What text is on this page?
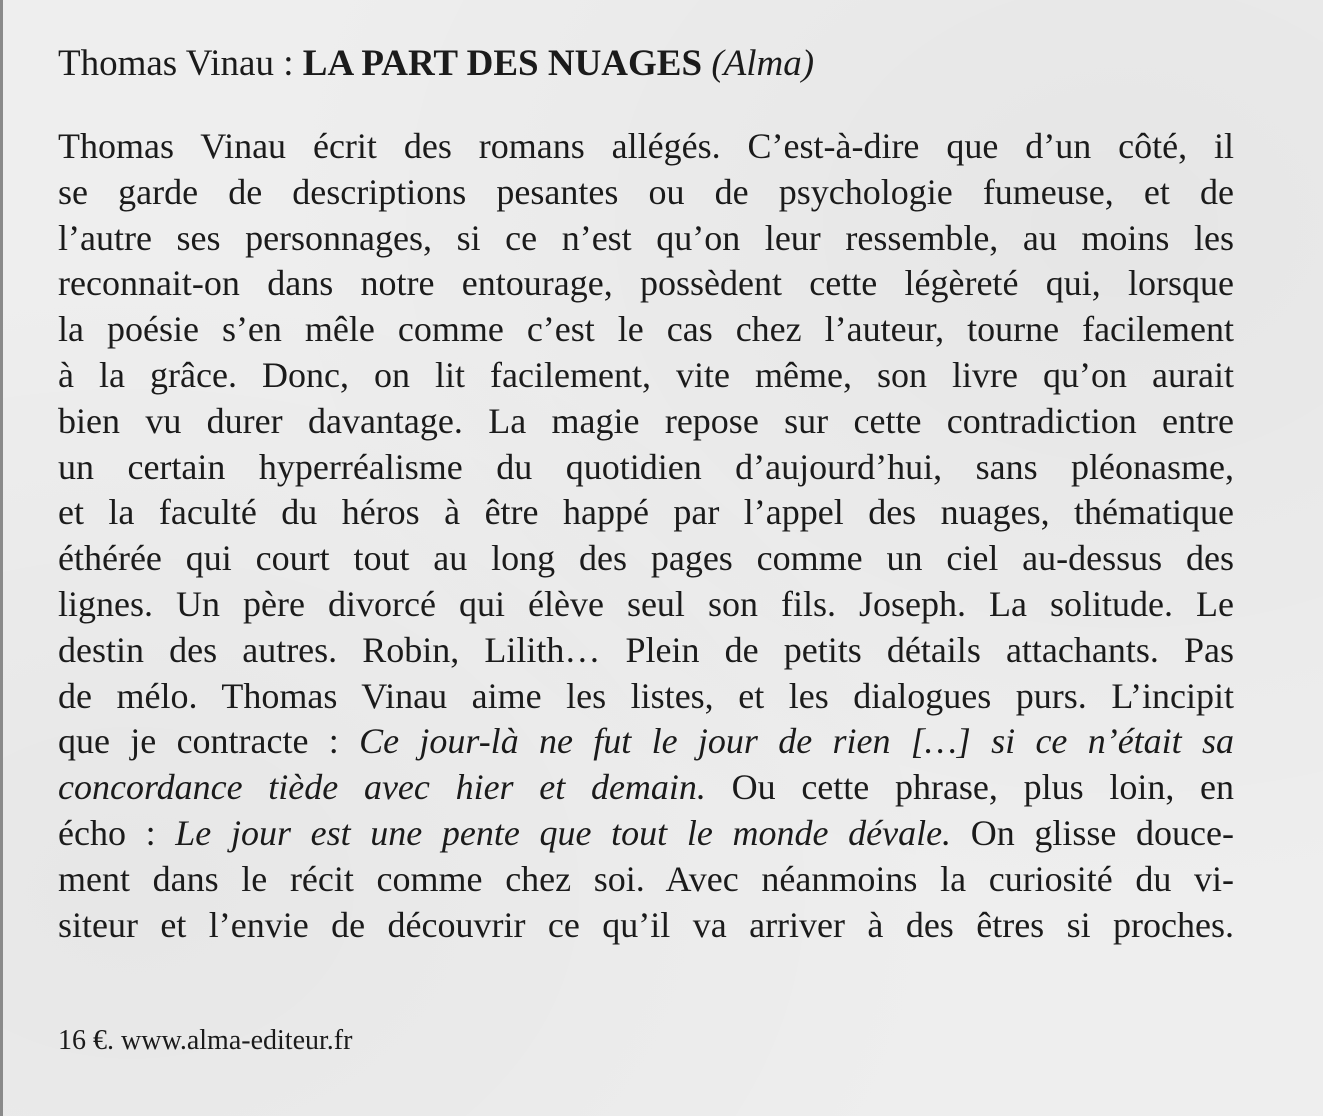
Thomas Vinau : LA PART DES NUAGES (Alma)
Thomas Vinau écrit des romans allégés. C’est-à-dire que d’un côté, il
se garde de descriptions pesantes ou de psychologie fumeuse, et de
l’autre ses personnages, si ce n’est qu’on leur ressemble, au moins les
reconnait-on dans notre entourage, possèdent cette légèreté qui, lorsque
la poésie s’en mêle comme c’est le cas chez l’auteur, tourne facilement
à la grâce. Donc, on lit facilement, vite même, son livre qu’on aurait
bien vu durer davantage. La magie repose sur cette contradiction entre
un certain hyperréalisme du quotidien d’aujourd’hui, sans pléonasme,
et la faculté du héros à être happé par l’appel des nuages, thématique
éthérée qui court tout au long des pages comme un ciel au-dessus des
lignes. Un père divorcé qui élève seul son fils. Joseph. La solitude. Le
destin des autres. Robin, Lilith… Plein de petits détails attachants. Pas
de mélo. Thomas Vinau aime les listes, et les dialogues purs. L’incipit
que je contracte : Ce jour-là ne fut le jour de rien […] si ce n’était sa
concordance tiède avec hier et demain. Ou cette phrase, plus loin, en
écho : Le jour est une pente que tout le monde dévale. On glisse douce-
ment dans le récit comme chez soi. Avec néanmoins la curiosité du vi-
siteur et l’envie de découvrir ce qu’il va arriver à des êtres si proches.
16 €. www.alma-editeur.fr
